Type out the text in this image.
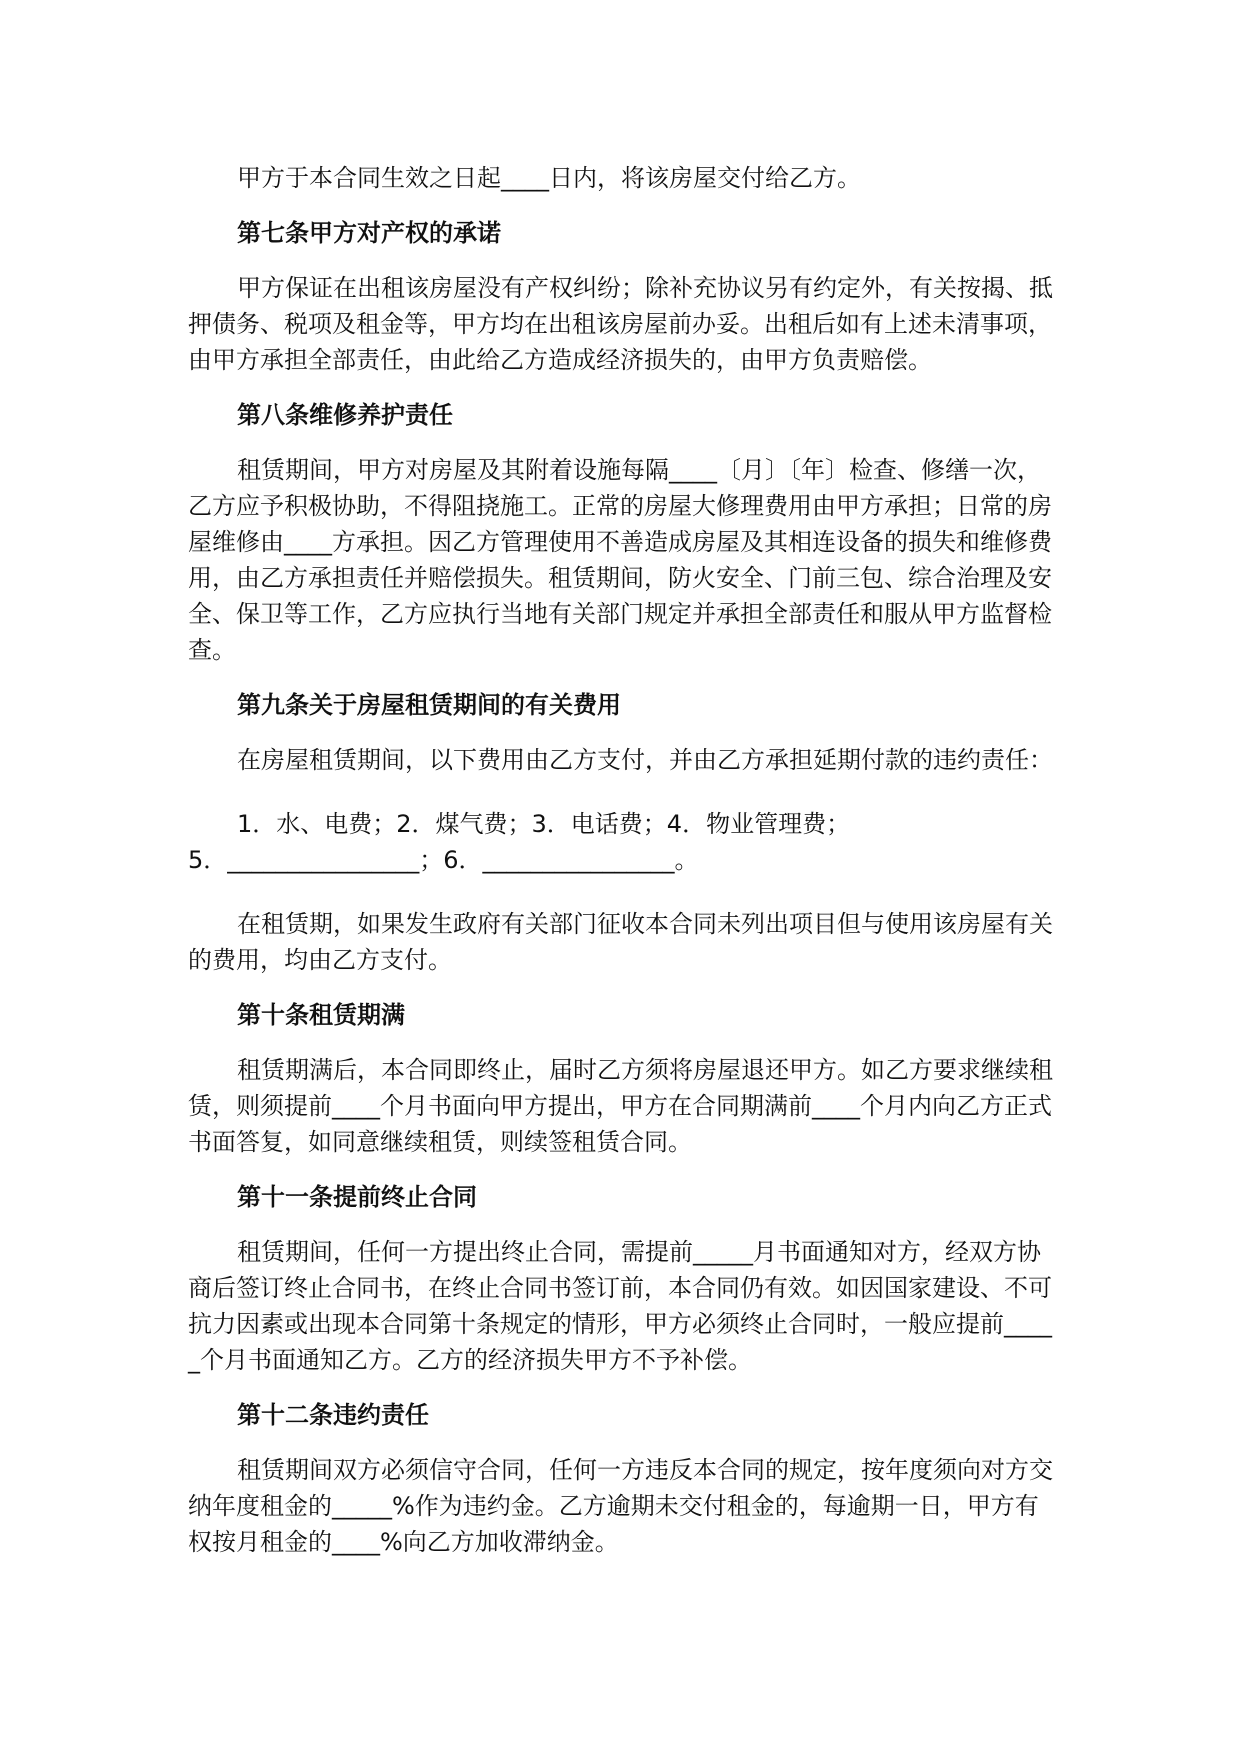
甲方于本合同生效之日起____日内，将该房屋交付给乙方。

第七条甲方对产权的承诺

甲方保证在出租该房屋没有产权纠纷；除补充协议另有约定外，有关按揭、抵押债务、税项及租金等，甲方均在出租该房屋前办妥。出租后如有上述未清事项，由甲方承担全部责任，由此给乙方造成经济损失的，由甲方负责赔偿。

第八条维修养护责任

租赁期间，甲方对房屋及其附着设施每隔____〔月〕〔年〕检查、修缮一次，乙方应予积极协助，不得阻挠施工。正常的房屋大修理费用由甲方承担；日常的房屋维修由____方承担。因乙方管理使用不善造成房屋及其相连设备的损失和维修费用，由乙方承担责任并赔偿损失。租赁期间，防火安全、门前三包、综合治理及安全、保卫等工作，乙方应执行当地有关部门规定并承担全部责任和服从甲方监督检查。

第九条关于房屋租赁期间的有关费用

在房屋租赁期间，以下费用由乙方支付，并由乙方承担延期付款的违约责任：

1．水、电费；2．煤气费；3．电话费；4．物业管理费；

5．________________；6．________________。

在租赁期，如果发生政府有关部门征收本合同未列出项目但与使用该房屋有关的费用，均由乙方支付。

第十条租赁期满

租赁期满后，本合同即终止，届时乙方须将房屋退还甲方。如乙方要求继续租赁，则须提前____个月书面向甲方提出，甲方在合同期满前____个月内向乙方正式书面答复，如同意继续租赁，则续签租赁合同。

第十一条提前终止合同

租赁期间，任何一方提出终止合同，需提前_____月书面通知对方，经双方协商后签订终止合同书，在终止合同书签订前，本合同仍有效。如因国家建设、不可抗力因素或出现本合同第十条规定的情形，甲方必须终止合同时，一般应提前_____个月书面通知乙方。乙方的经济损失甲方不予补偿。

第十二条违约责任

租赁期间双方必须信守合同，任何一方违反本合同的规定，按年度须向对方交纳年度租金的_____%作为违约金。乙方逾期未交付租金的，每逾期一日，甲方有权按月租金的____%向乙方加收滞纳金。
